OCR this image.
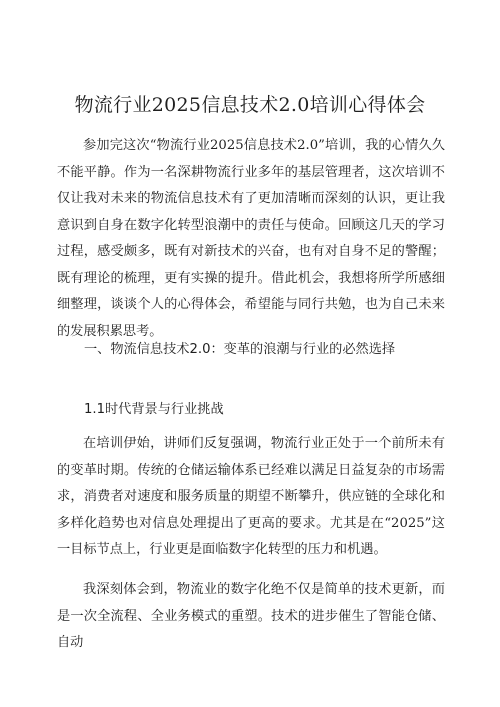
物流行业2025信息技术2.0培训心得体会

参加完这次“物流行业2025信息技术2.0”培训，我的心情久久不能平静。作为一名深耕物流行业多年的基层管理者，这次培训不仅让我对未来的物流信息技术有了更加清晰而深刻的认识，更让我意识到自身在数字化转型浪潮中的责任与使命。回顾这几天的学习过程，感受颇多，既有对新技术的兴奋，也有对自身不足的警醒；既有理论的梳理，更有实操的提升。借此机会，我想将所学所感细细整理，谈谈个人的心得体会，希望能与同行共勉，也为自己未来的发展积累思考。

一、物流信息技术2.0：变革的浪潮与行业的必然选择
1.1时代背景与行业挑战

在培训伊始，讲师们反复强调，物流行业正处于一个前所未有的变革时期。传统的仓储运输体系已经难以满足日益复杂的市场需求，消费者对速度和服务质量的期望不断攀升，供应链的全球化和多样化趋势也对信息处理提出了更高的要求。尤其是在“2025”这一目标节点上，行业更是面临数字化转型的压力和机遇。

我深刻体会到，物流业的数字化绝不仅是简单的技术更新，而是一次全流程、全业务模式的重塑。技术的进步催生了智能仓储、自动
